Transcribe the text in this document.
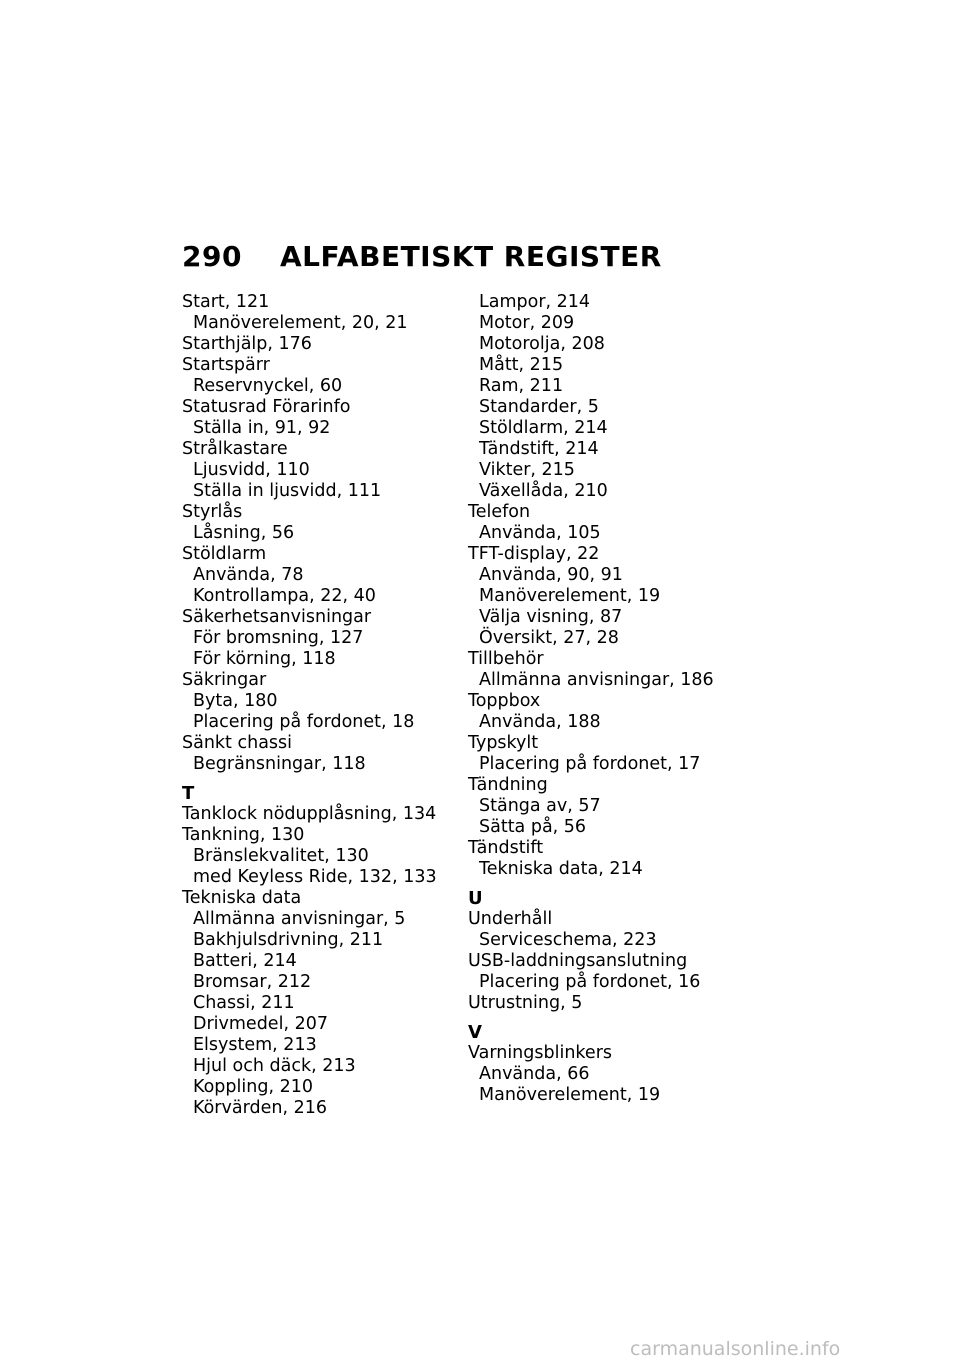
290 ALFABETISKT REGISTER
Start, 121
Manöverelement, 20, 21
Starthjälp, 176
Startspärr
Reservnyckel, 60
Statusrad Förarinfo
Ställa in, 91, 92
Strålkastare
Ljusvidd, 110
Ställa in ljusvidd, 111
Styrlås
Låsning, 56
Stöldlarm
Använda, 78
Kontrollampa, 22, 40
Säkerhetsanvisningar
För bromsning, 127
För körning, 118
Säkringar
Byta, 180
Placering på fordonet, 18
Sänkt chassi
Begränsningar, 118
T
Tanklock nödupplåsning, 134
Tankning, 130
Bränslekvalitet, 130
med Keyless Ride, 132, 133
Tekniska data
Allmänna anvisningar, 5
Bakhjulsdrivning, 211
Batteri, 214
Bromsar, 212
Chassi, 211
Drivmedel, 207
Elsystem, 213
Hjul och däck, 213
Koppling, 210
Körvärden, 216
Lampor, 214
Motor, 209
Motorolja, 208
Mått, 215
Ram, 211
Standarder, 5
Stöldlarm, 214
Tändstift, 214
Vikter, 215
Växellåda, 210
Telefon
Använda, 105
TFT-display, 22
Använda, 90, 91
Manöverelement, 19
Välja visning, 87
Översikt, 27, 28
Tillbehör
Allmänna anvisningar, 186
Toppbox
Använda, 188
Typskylt
Placering på fordonet, 17
Tändning
Stänga av, 57
Sätta på, 56
Tändstift
Tekniska data, 214
U
Underhåll
Serviceschema, 223
USB-laddningsanslutning
Placering på fordonet, 16
Utrustning, 5
V
Varningsblinkers
Använda, 66
Manöverelement, 19
carmanualsonline.info
